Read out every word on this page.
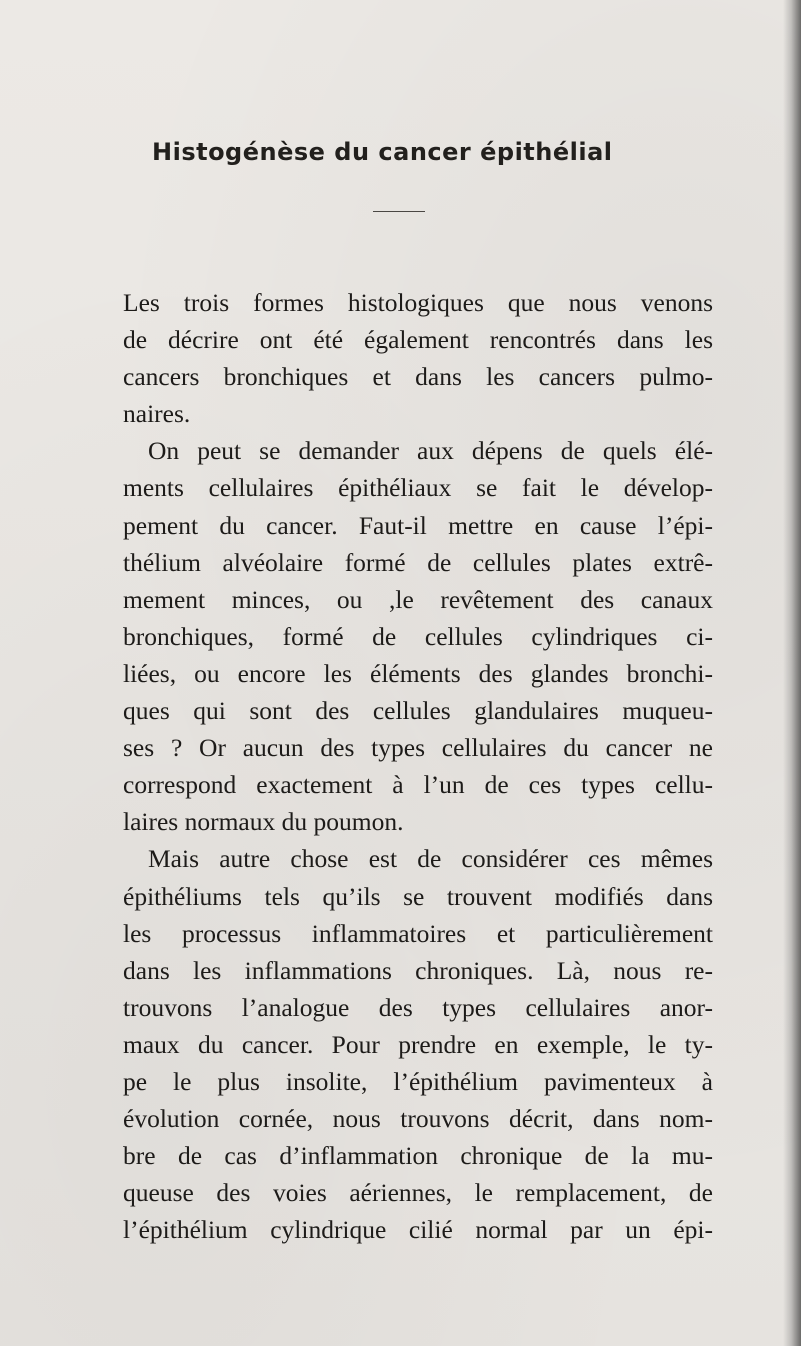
Histogénèse du cancer épithélial
Les trois formes histologiques que nous venons
de décrire ont été également rencontrés dans les
cancers bronchiques et dans les cancers pulmo-
naires.
On peut se demander aux dépens de quels élé-
ments cellulaires épithéliaux se fait le dévelop-
pement du cancer. Faut-il mettre en cause l’épi-
thélium alvéolaire formé de cellules plates extrê-
mement minces, ou ,le revêtement des canaux
bronchiques, formé de cellules cylindriques ci-
liées, ou encore les éléments des glandes bronchi-
ques qui sont des cellules glandulaires muqueu-
ses ? Or aucun des types cellulaires du cancer ne
correspond exactement à l’un de ces types cellu-
laires normaux du poumon.
Mais autre chose est de considérer ces mêmes
épithéliums tels qu’ils se trouvent modifiés dans
les processus inflammatoires et particulièrement
dans les inflammations chroniques. Là, nous re-
trouvons l’analogue des types cellulaires anor-
maux du cancer. Pour prendre en exemple, le ty-
pe le plus insolite, l’épithélium pavimenteux à
évolution cornée, nous trouvons décrit, dans nom-
bre de cas d’inflammation chronique de la mu-
queuse des voies aériennes, le remplacement, de
l’épithélium cylindrique cilié normal par un épi-
